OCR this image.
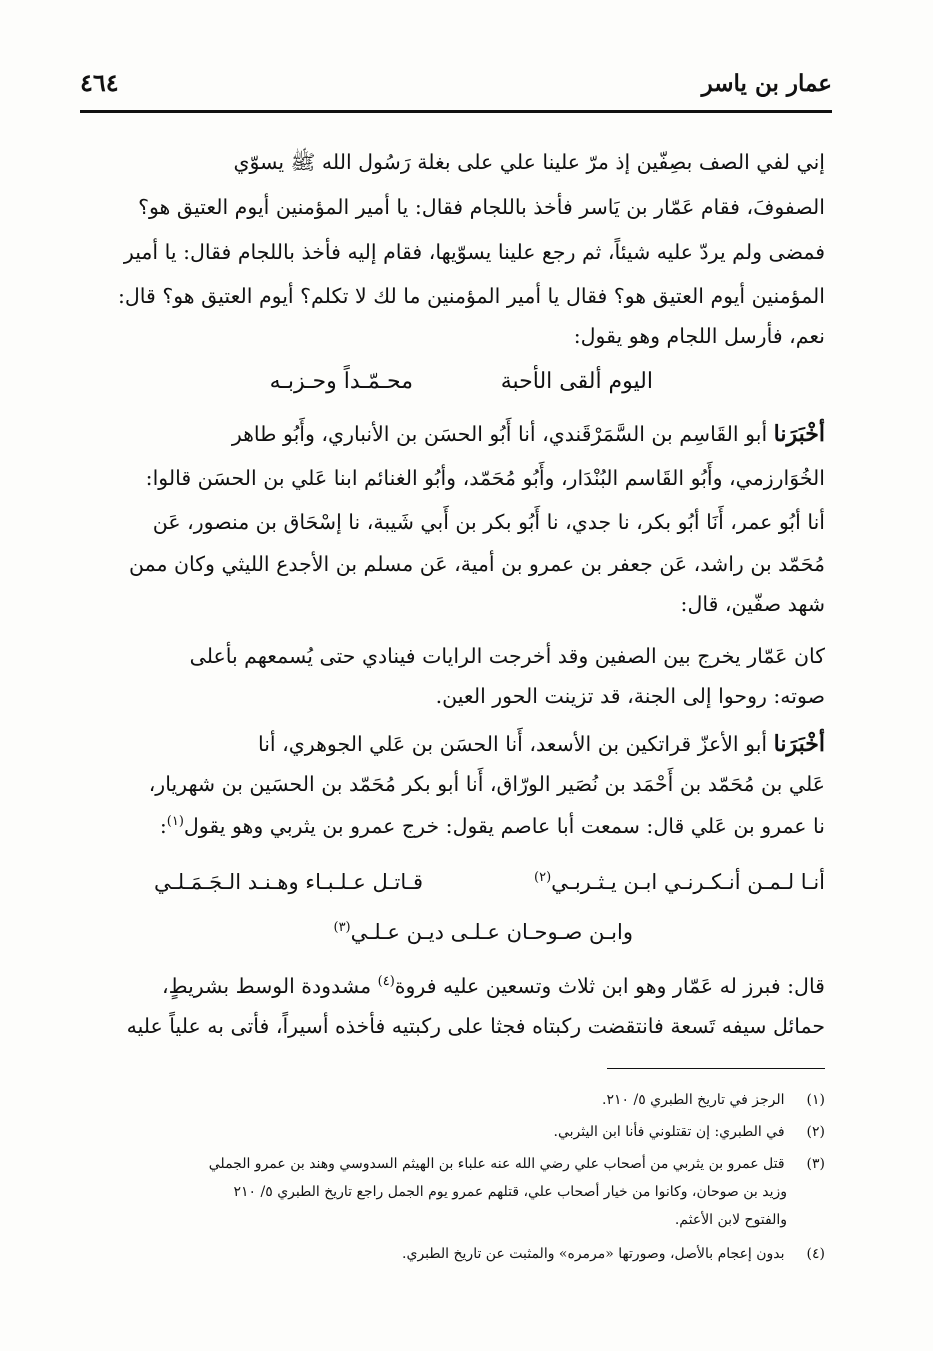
عمار بن ياسر
٤٦٤
إني لفي الصف بصِفّين إذ مرّ علينا علي على بغلة رَسُول الله ﷺ يسوّي
الصفوفَ، فقام عَمّار بن يَاسر فأخذ باللجام فقال: يا أمير المؤمنين أيوم العتيق هو؟
فمضى ولم يردّ عليه شيئاً، ثم رجع علينا يسوّيها، فقام إليه فأخذ باللجام فقال: يا أمير
المؤمنين أيوم العتيق هو؟ فقال يا أمير المؤمنين ما لك لا تكلم؟ أيوم العتيق هو؟ قال:
نعم، فأرسل اللجام وهو يقول:
اليوم ألقى الأحبة
محـمّـداً وحـزبـه
أخْبَرَنا أبو القَاسِم بن السَّمَرْقَندي، أنا أَبُو الحسَن بن الأنباري، وأَبُو طاهر
الخُوَارزمي، وأَبُو القَاسم البُنْدَار، وأَبُو مُحَمّد، وأبُو الغنائم ابنا عَلي بن الحسَن قالوا:
أنا أبُو عمر، أَنَا أبُو بكر، نا جدي، نا أَبُو بكر بن أَبي شَيبة، نا إسْحَاق بن منصور، عَن
مُحَمّد بن راشد، عَن جعفر بن عمرو بن أمية، عَن مسلم بن الأجدع الليثي وكان ممن
شهد صفّين، قال:
كان عَمّار يخرج بين الصفين وقد أخرجت الرايات فينادي حتى يُسمعهم بأعلى
صوته: روحوا إلى الجنة، قد تزينت الحور العين.
أخْبَرَنا أبو الأعزّ قراتكين بن الأسعد، أَنا الحسَن بن عَلي الجوهري، أنا
عَلي بن مُحَمّد بن أَحْمَد بن نُصَير الورّاق، أَنا أبو بكر مُحَمّد بن الحسَين بن شهريار،
نا عمرو بن عَلي قال: سمعت أبا عاصم يقول: خرج عمرو بن يثربي وهو يقول$^{(١)}$:
أنـا لـمـن أنـكـرنـي ابـن يـثـربـي$^{(٢)}$
قـاتـل عـلـبـاء وهـنـد الـجَـمَـلـي
وابـن صـوحـان عـلـى ديـن عـلـي$^{(٣)}$
قال: فبرز له عَمّار وهو ابن ثلاث وتسعين عليه فروة$^{(٤)}$ مشدودة الوسط بشريطٍ،
حمائل سيفه تَسعة فانتقضت ركبتاه فجثا على ركبتيه فأخذه أسيراً، فأتى به علياً عليه
(١) الرجز في تاريخ الطبري ٥/ ٢١٠.
(٢) في الطبري: إن تقتلوني فأنا ابن اليثربي.
(٣) قتل عمرو بن يثربي من أصحاب علي رضي الله عنه علباء بن الهيثم السدوسي وهند بن عمرو الجملي
وزيد بن صوحان، وكانوا من خيار أصحاب علي، قتلهم عمرو يوم الجمل راجع تاريخ الطبري ٥/ ٢١٠
والفتوح لابن الأعثم.
(٤) بدون إعجام بالأصل، وصورتها «مرمره» والمثبت عن تاريخ الطبري.
